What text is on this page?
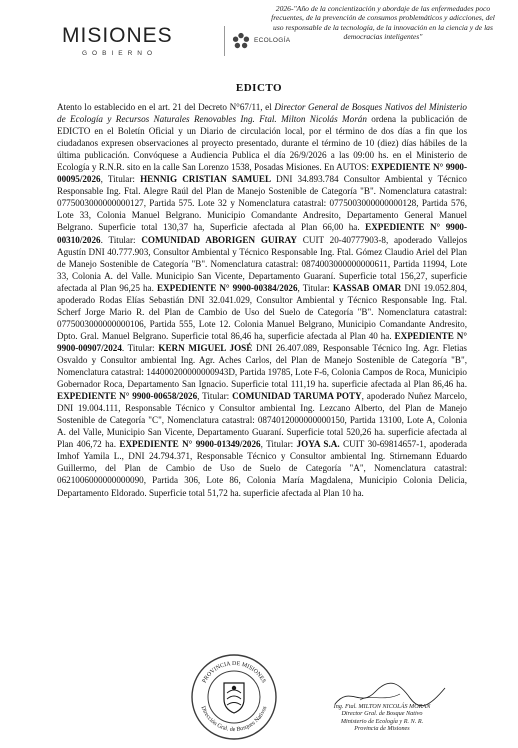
MISIONES
GOBIERNO
ECOLOGÍA
2026-"Año de la concientización y abordaje de las enfermedades poco frecuentes, de la prevención de consumos problemáticos y adicciones, del uso responsable de la tecnología, de la innovación en la ciencia y de las democracias inteligentes"
EDICTO

Atento lo establecido en el art. 21 del Decreto N°67/11, el Director General de Bosques Nativos del Ministerio de Ecología y Recursos Naturales Renovables Ing. Ftal. Milton Nicolás Morán ordena la publicación de EDICTO en el Boletín Oficial y un Diario de circulación local, por el término de dos días a fin que los ciudadanos expresen observaciones al proyecto presentado, durante el término de 10 (diez) días hábiles de la última publicación. Convóquese a Audiencia Publica el día 26/9/2026 a las 09:00 hs. en el Ministerio de Ecología y R.N.R. sito en la calle San Lorenzo 1538, Posadas Misiones. En AUTOS: EXPEDIENTE N° 9900-00095/2026, Titular: HENNIG CRISTIAN SAMUEL DNI 34.893.784 Consultor Ambiental y Técnico Responsable Ing. Ftal. Alegre Raúl del Plan de Manejo Sostenible de Categoría "B". Nomenclatura catastral: 0775003000000000127, Partida 575. Lote 32 y Nomenclatura catastral: 0775003000000000128, Partida 576, Lote 33, Colonia Manuel Belgrano. Municipio Comandante Andresito, Departamento General Manuel Belgrano. Superficie total 130,37 ha, Superficie afectada al Plan 66,00 ha. EXPEDIENTE N° 9900-00310/2026. Titular: COMUNIDAD ABORIGEN GUIRAY CUIT 20-40777903-8, apoderado Vallejos Agustín DNI 40.777.903, Consultor Ambiental y Técnico Responsable Ing. Ftal. Gómez Claudio Ariel del Plan de Manejo Sostenible de Categoría "B". Nomenclatura catastral: 0874003000000000611, Partida 11994, Lote 33, Colonia A. del Valle. Municipio San Vicente, Departamento Guaraní. Superficie total 156,27, superficie afectada al Plan 96,25 ha. EXPEDIENTE N° 9900-00384/2026, Titular: KASSAB OMAR DNI 19.052.804, apoderado Rodas Elías Sebastián DNI 32.041.029, Consultor Ambiental y Técnico Responsable Ing. Ftal. Scherf Jorge Mario R. del Plan de Cambio de Uso del Suelo de Categoría "B". Nomenclatura catastral: 0775003000000000106, Partida 555, Lote 12. Colonia Manuel Belgrano, Municipio Comandante Andresito, Dpto. Gral. Manuel Belgrano. Superficie total 86,46 ha, superficie afectada al Plan 40 ha. EXPEDIENTE N° 9900-00907/2024. Titular: KERN MIGUEL JOSÉ DNI 26.407.089, Responsable Técnico Ing. Agr. Fletias Osvaldo y Consultor ambiental Ing. Agr. Aches Carlos, del Plan de Manejo Sostenible de Categoría "B", Nomenclatura catastral: 144000200000000943D, Partida 19785, Lote F-6, Colonia Campos de Roca, Municipio Gobernador Roca, Departamento San Ignacio. Superficie total 111,19 ha. superficie afectada al Plan 86,46 ha. EXPEDIENTE N° 9900-00658/2026, Titular: COMUNIDAD TARUMA POTY, apoderado Nuñez Marcelo, DNI 19.004.111, Responsable Técnico y Consultor ambiental Ing. Lezcano Alberto, del Plan de Manejo Sostenible de Categoría "C", Nomenclatura catastral: 0874012000000000150, Partida 13100, Lote A, Colonia A. del Valle, Municipio San Vicente, Departamento Guaraní. Superficie total 520,26 ha. superficie afectada al Plan 406,72 ha. EXPEDIENTE N° 9900-01349/2026, Titular: JOYA S.A. CUIT 30-69814657-1, apoderada Imhof Yamila L., DNI 24.794.371, Responsable Técnico y Consultor ambiental Ing. Stirnemann Eduardo Guillermo, del Plan de Cambio de Uso de Suelo de Categoría "A", Nomenclatura catastral: 0621006000000000090, Partida 306, Lote 86, Colonia María Magdalena, Municipio Colonia Delicia, Departamento Eldorado. Superficie total 51,72 ha. superficie afectada al Plan 10 ha.

PROVINCIA DE MISIONES
Dirección Gral. de Bosques Nativos	Ing. Ftal. MILTON NICOLÁS MORAN
Director Gral. de Bosque Nativo
Ministerio de Ecología y R. N. R.
Provincia de Misiones
